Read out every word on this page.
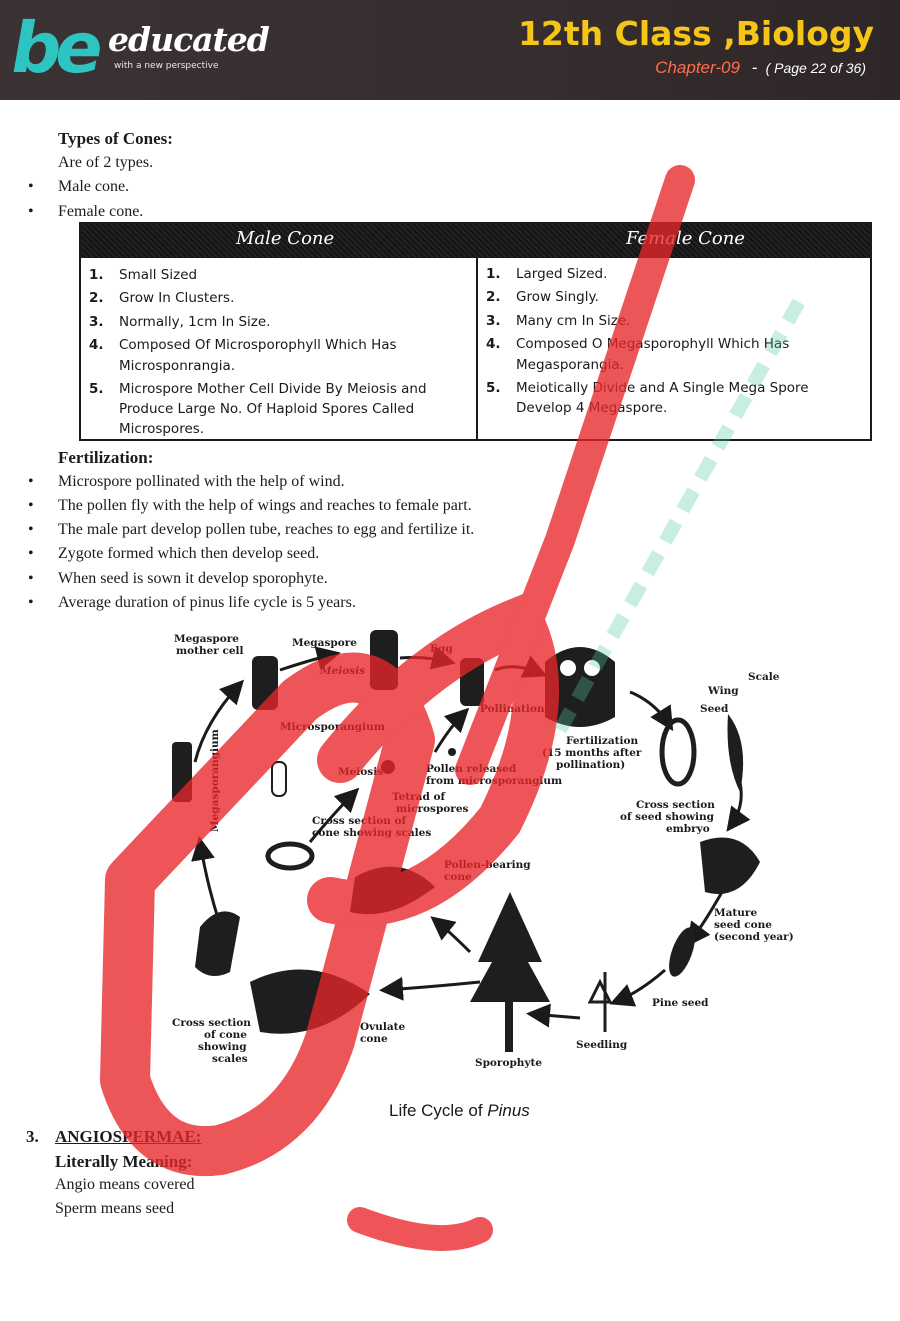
be educated
with a new perspective
12th Class ,Biology
Chapter-09 - ( Page 22 of 36)
Types of Cones:
Are of 2 types.
• Male cone.
• Female cone.
Male Cone	Female Cone
1. Small Sized
2. Grow In Clusters.
3. Normally, 1cm In Size.
4. Composed Of Microsporophyll Which Has
Microsponrangia.
5. Microspore Mother Cell Divide By Meiosis and
Produce Large No. Of Haploid Spores Called
Microspores.
1. Larged Sized.
2. Grow Singly.
3. Many cm In Size.
4. Composed O Megasporophyll Which Has
Megasporangia.
5. Meiotically Divide and A Single Mega Spore
Develop 4 Megaspore.
Fertilization:
• Microspore pollinated with the help of wind.
• The pollen fly with the help of wings and reaches to female part.
• The male part develop pollen tube, reaches to egg and fertilize it.
• Zygote formed which then develop seed.
• When seed is sown it develop sporophyte.
• Average duration of pinus life cycle is 5 years.
Megaspore
mother cell
Megaspore
Meiosis
Egg
Pollination
Fertilization
(15 months after
pollination)
Scale
Wing
Seed
Microsporangium
Megasporangium	Meiosis	Pollen released
from microsporangium
Tetrad of
microspores	Cross section
of seed showing
embryo
Cross section of
cone showing scales
Pollen-bearing
cone
Mature
seed cone
(second year)
Cross section
of cone
showing
scales
Ovulate
cone
Pine seed
Seedling
Sporophyte
Life Cycle of Pinus
3. ANGIOSPERMAE:
Literally Meaning:
Angio means covered
Sperm means seed
